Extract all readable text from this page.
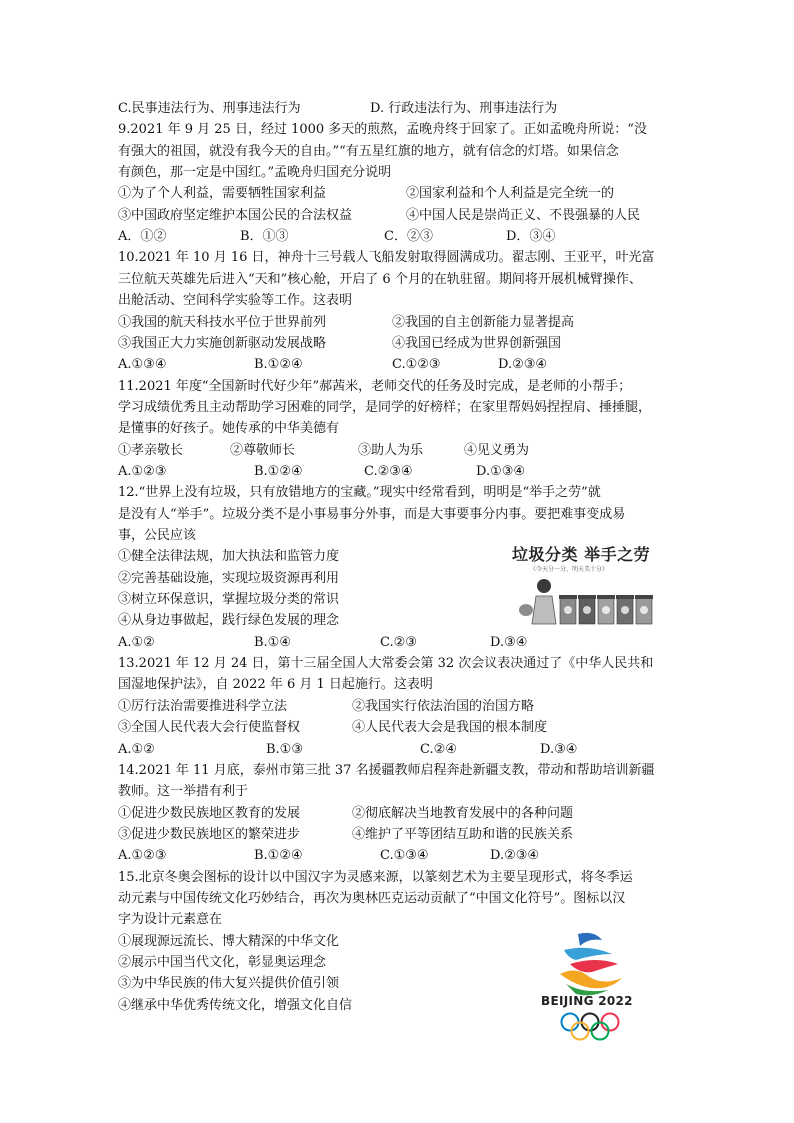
C.民事违法行为、刑事违法行为	D. 行政违法行为、刑事违法行为
9.2021 年 9 月 25 日，经过 1000 多天的煎熬，孟晚舟终于回家了。正如孟晚舟所说：“没
有强大的祖国，就没有我今天的自由。”“有五星红旗的地方，就有信念的灯塔。如果信念
有颜色，那一定是中国红。”孟晚舟归国充分说明
①为了个人利益，需要牺牲国家利益	②国家利益和个人利益是完全统一的
③中国政府坚定维护本国公民的合法权益	④中国人民是崇尚正义、不畏强暴的人民
A．①②	B．①③	C．②③	D．③④
10.2021 年 10 月 16 日，神舟十三号载人飞船发射取得圆满成功。翟志刚、王亚平，叶光富
三位航天英雄先后进入“天和”核心舱，开启了 6 个月的在轨驻留。期间将开展机械臂操作、
出舱活动、空间科学实验等工作。这表明
①我国的航天科技水平位于世界前列	②我国的自主创新能力显著提高
③我国正大力实施创新驱动发展战略	④我国已经成为世界创新强国
A.①③④	B.①②④	C.①②③	D.②③④
11.2021 年度“全国新时代好少年”郝茜米，老师交代的任务及时完成，是老师的小帮手；
学习成绩优秀且主动帮助学习困难的同学，是同学的好榜样；在家里帮妈妈捏捏肩、捶捶腿，
是懂事的好孩子。她传承的中华美德有
①孝亲敬长	②尊敬师长	③助人为乐	④见义勇为
A.①②③	B.①②④	C.②③④	D.①③④
12.“世界上没有垃圾，只有放错地方的宝藏。”现实中经常看到，明明是“举手之劳”就
是没有人“举手”。垃圾分类不是小事易事分外事，而是大事要事分内事。要把难事变成易
事，公民应该
①健全法律法规，加大执法和监管力度
②完善基础设施，实现垃圾资源再利用
③树立环保意识，掌握垃圾分类的常识
④从身边事做起，践行绿色发展的理念
A.①②	B.①④	C.②③	D.③④
13.2021 年 12 月 24 日，第十三届全国人大常委会第 32 次会议表决通过了《中华人民共和
国湿地保护法》，自 2022 年 6 月 1 日起施行。这表明
①厉行法治需要推进科学立法	②我国实行依法治国的治国方略
③全国人民代表大会行使监督权	④人民代表大会是我国的根本制度
A.①②	B.①③	C.②④	D.③④
14.2021 年 11 月底，泰州市第三批 37 名援疆教师启程奔赴新疆支教，带动和帮助培训新疆
教师。这一举措有利于
①促进少数民族地区教育的发展	②彻底解决当地教育发展中的各种问题
③促进少数民族地区的繁荣进步	④维护了平等团结互助和谐的民族关系
A.①②③	B.①②④	C.①③④	D.②③④
15.北京冬奥会图标的设计以中国汉字为灵感来源，以篆刻艺术为主要呈现形式，将冬季运
动元素与中国传统文化巧妙结合，再次为奥林匹克运动贡献了“中国文化符号”。图标以汉
字为设计元素意在
①展现源远流长、博大精深的中华文化
②展示中国当代文化，彰显奥运理念
③为中华民族的伟大复兴提供价值引领
④继承中华优秀传统文化，增强文化自信
垃圾分类 举手之劳
《今天分一分、明天美十分》
BEIJING 2022
